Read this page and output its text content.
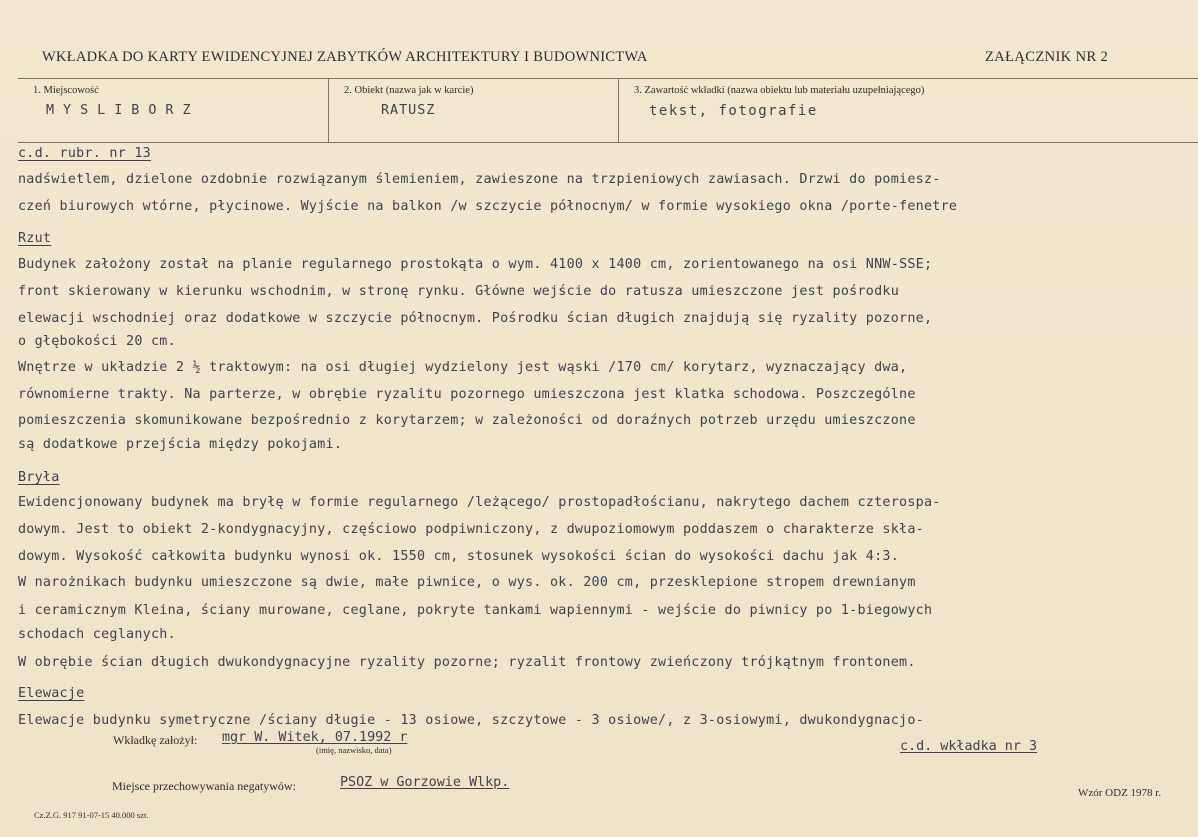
WKŁADKA DO KARTY EWIDENCYJNEJ ZABYTKÓW ARCHITEKTURY I BUDOWNICTWA	ZAŁĄCZNIK NR 2
1. Miejscowość
MYSLIBORZ
2. Obiekt (nazwa jak w karcie)
RATUSZ
3. Zawartość wkładki (nazwa obiektu lub materiału uzupełniającego)
tekst, fotografie
c.d. rubr. nr 13
nadświetlem, dzielone ozdobnie rozwiązanym ślemieniem, zawieszone na trzpieniowych zawiasach. Drzwi do pomiesz-
czeń biurowych wtórne, płycinowe. Wyjście na balkon /w szczycie północnym/ w formie wysokiego okna /porte-fenetre
Rzut
Budynek założony został na planie regularnego prostokąta o wym. 4100 x 1400 cm, zorientowanego na osi NNW-SSE;
front skierowany w kierunku wschodnim, w stronę rynku. Główne wejście do ratusza umieszczone jest pośrodku
elewacji wschodniej oraz dodatkowe w szczycie północnym. Pośrodku ścian długich znajdują się ryzality pozorne,
o głębokości 20 cm.
Wnętrze w układzie 2 ½ traktowym: na osi długiej wydzielony jest wąski /170 cm/ korytarz, wyznaczający dwa,
równomierne trakty. Na parterze, w obrębie ryzalitu pozornego umieszczona jest klatka schodowa. Poszczególne
pomieszczenia skomunikowane bezpośrednio z korytarzem; w zależoności od doraźnych potrzeb urzędu umieszczone
są dodatkowe przejścia między pokojami.
Bryła
Ewidencjonowany budynek ma bryłę w formie regularnego /leżącego/ prostopadłościanu, nakrytego dachem czterospa-
dowym. Jest to obiekt 2-kondygnacyjny, częściowo podpiwniczony, z dwupoziomowym poddaszem o charakterze skła-
dowym. Wysokość całkowita budynku wynosi ok. 1550 cm, stosunek wysokości ścian do wysokości dachu jak 4:3.
W narożnikach budynku umieszczone są dwie, małe piwnice, o wys. ok. 200 cm, przesklepione stropem drewnianym
i ceramicznym Kleina, ściany murowane, ceglane, pokryte tankami wapiennymi - wejście do piwnicy po 1-biegowych
schodach ceglanych.
W obrębie ścian długich dwukondygnacyjne ryzality pozorne; ryzalit frontowy zwieńczony trójkątnym frontonem.
Elewacje
Elewacje budynku symetryczne /ściany długie - 13 osiowe, szczytowe - 3 osiowe/, z 3-osiowymi, dwukondygnacjo-
Wkładkę założył: mgr W. Witek, 07.1992 r
(imię, nazwisko, data)	c.d. wkładka nr 3
Miejsce przechowywania negatywów:	PSOZ w Gorzowie Wlkp.
Cz.Z.G. 917 91-07-15 40.000 szt.
Wzór ODZ 1978 r.
